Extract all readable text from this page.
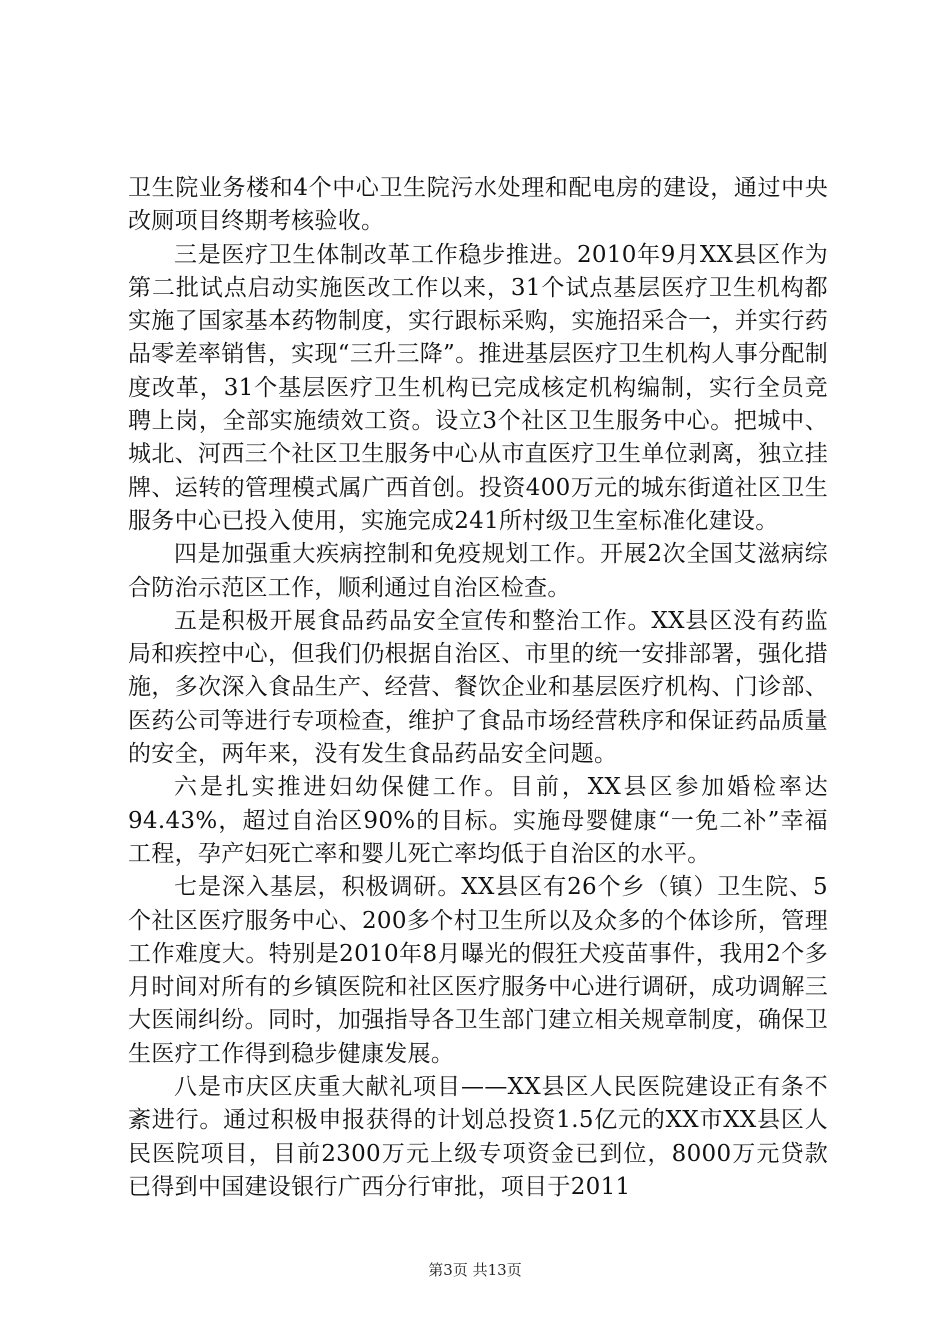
卫生院业务楼和4个中心卫生院污水处理和配电房的建设，通过中央改厕项目终期考核验收。

三是医疗卫生体制改革工作稳步推进。2010年9月XX县区作为第二批试点启动实施医改工作以来，31个试点基层医疗卫生机构都实施了国家基本药物制度，实行跟标采购，实施招采合一，并实行药品零差率销售，实现“三升三降”。推进基层医疗卫生机构人事分配制度改革，31个基层医疗卫生机构已完成核定机构编制，实行全员竞聘上岗，全部实施绩效工资。设立3个社区卫生服务中心。把城中、城北、河西三个社区卫生服务中心从市直医疗卫生单位剥离，独立挂牌、运转的管理模式属广西首创。投资400万元的城东街道社区卫生服务中心已投入使用，实施完成241所村级卫生室标准化建设。

四是加强重大疾病控制和免疫规划工作。开展2次全国艾滋病综合防治示范区工作，顺利通过自治区检查。

五是积极开展食品药品安全宣传和整治工作。XX县区没有药监局和疾控中心，但我们仍根据自治区、市里的统一安排部署，强化措施，多次深入食品生产、经营、餐饮企业和基层医疗机构、门诊部、医药公司等进行专项检查，维护了食品市场经营秩序和保证药品质量的安全，两年来，没有发生食品药品安全问题。

六是扎实推进妇幼保健工作。目前，XX县区参加婚检率达94.43%，超过自治区90%的目标。实施母婴健康“一免二补”幸福工程，孕产妇死亡率和婴儿死亡率均低于自治区的水平。

七是深入基层，积极调研。XX县区有26个乡（镇）卫生院、5个社区医疗服务中心、200多个村卫生所以及众多的个体诊所，管理工作难度大。特别是2010年8月曝光的假狂犬疫苗事件，我用2个多月时间对所有的乡镇医院和社区医疗服务中心进行调研，成功调解三大医闹纠纷。同时，加强指导各卫生部门建立相关规章制度，确保卫生医疗工作得到稳步健康发展。

八是市庆区庆重大献礼项目——XX县区人民医院建设正有条不紊进行。通过积极申报获得的计划总投资1.5亿元的XX市XX县区人民医院项目，目前2300万元上级专项资金已到位，8000万元贷款已得到中国建设银行广西分行审批，项目于2011

第3页 共13页
